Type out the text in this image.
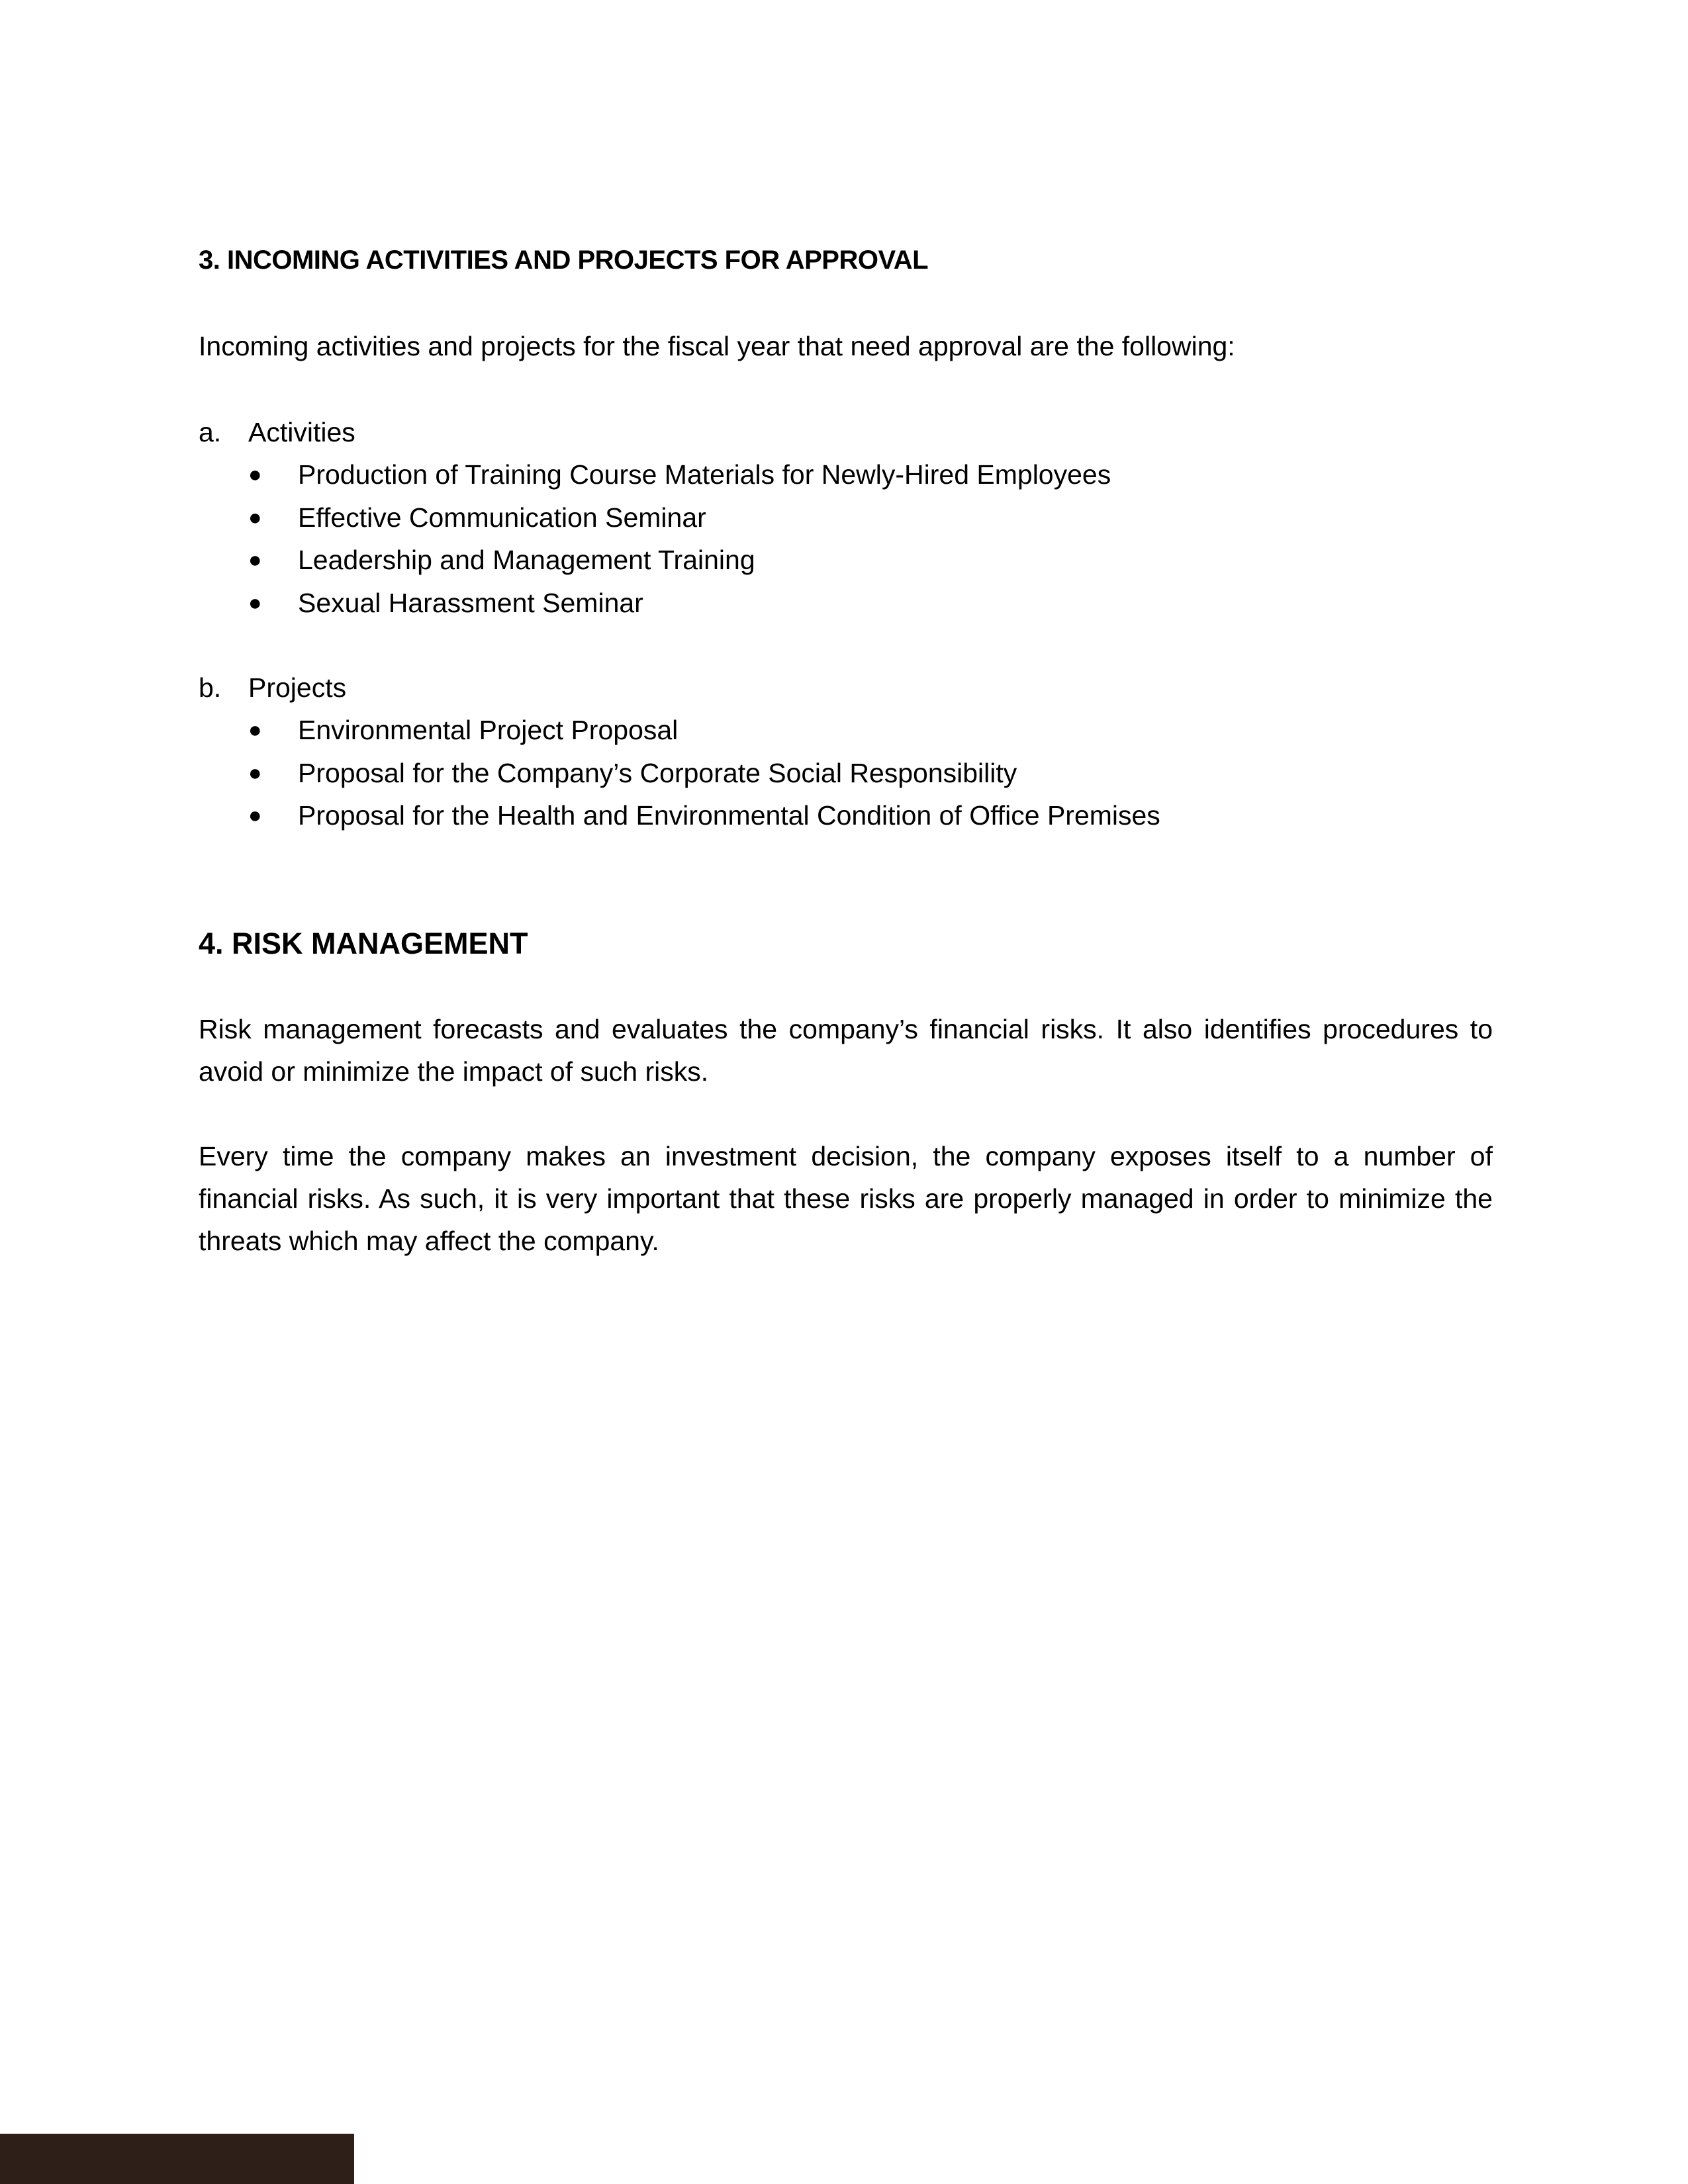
3. INCOMING ACTIVITIES AND PROJECTS FOR APPROVAL

Incoming activities and projects for the fiscal year that need approval are the following:

a. Activities
●	Production of Training Course Materials for Newly-Hired Employees
●	Effective Communication Seminar
●	Leadership and Management Training
●	Sexual Harassment Seminar
b. Projects
●	Environmental Project Proposal
●	Proposal for the Company’s Corporate Social Responsibility
●	Proposal for the Health and Environmental Condition of Office Premises
4. RISK MANAGEMENT

Risk management forecasts and evaluates the company’s financial risks. It also identifies procedures to avoid or minimize the impact of such risks.

Every time the company makes an investment decision, the company exposes itself to a number of financial risks. As such, it is very important that these risks are properly managed in order to minimize the threats which may affect the company.
